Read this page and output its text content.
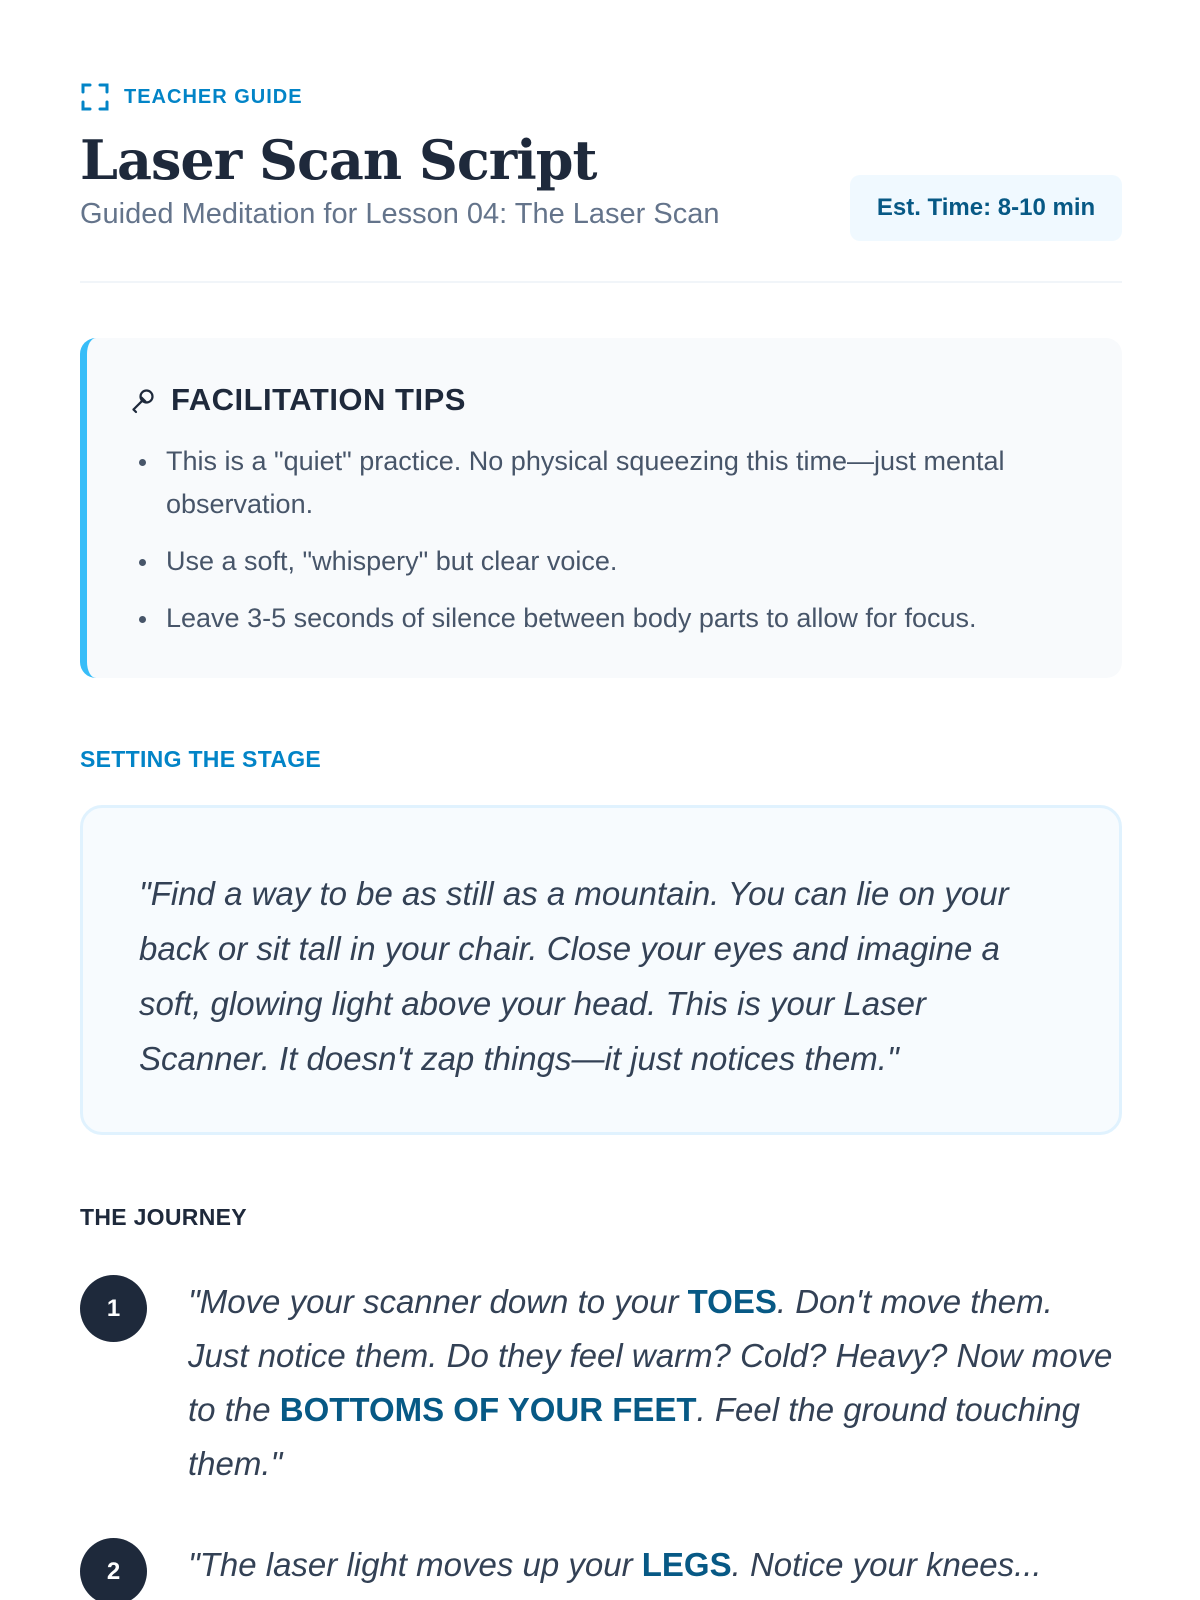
TEACHER GUIDE
Laser Scan Script
Guided Meditation for Lesson 04: The Laser Scan	Est. Time: 8-10 min
FACILITATION TIPS
This is a "quiet" practice. No physical squeezing this time—just mental observation.
Use a soft, "whispery" but clear voice.
Leave 3-5 seconds of silence between body parts to allow for focus.
SETTING THE STAGE

"Find a way to be as still as a mountain. You can lie on your back or sit tall in your chair. Close your eyes and imagine a soft, glowing light above your head. This is your Laser Scanner. It doesn't zap things—it just notices them."

THE JOURNEY
1	"Move your scanner down to your TOES. Don't move them. Just notice them. Do they feel warm? Cold? Heavy? Now move to the BOTTOMS OF YOUR FEET. Feel the ground touching them."

2	"The laser light moves up your LEGS. Notice your knees...
